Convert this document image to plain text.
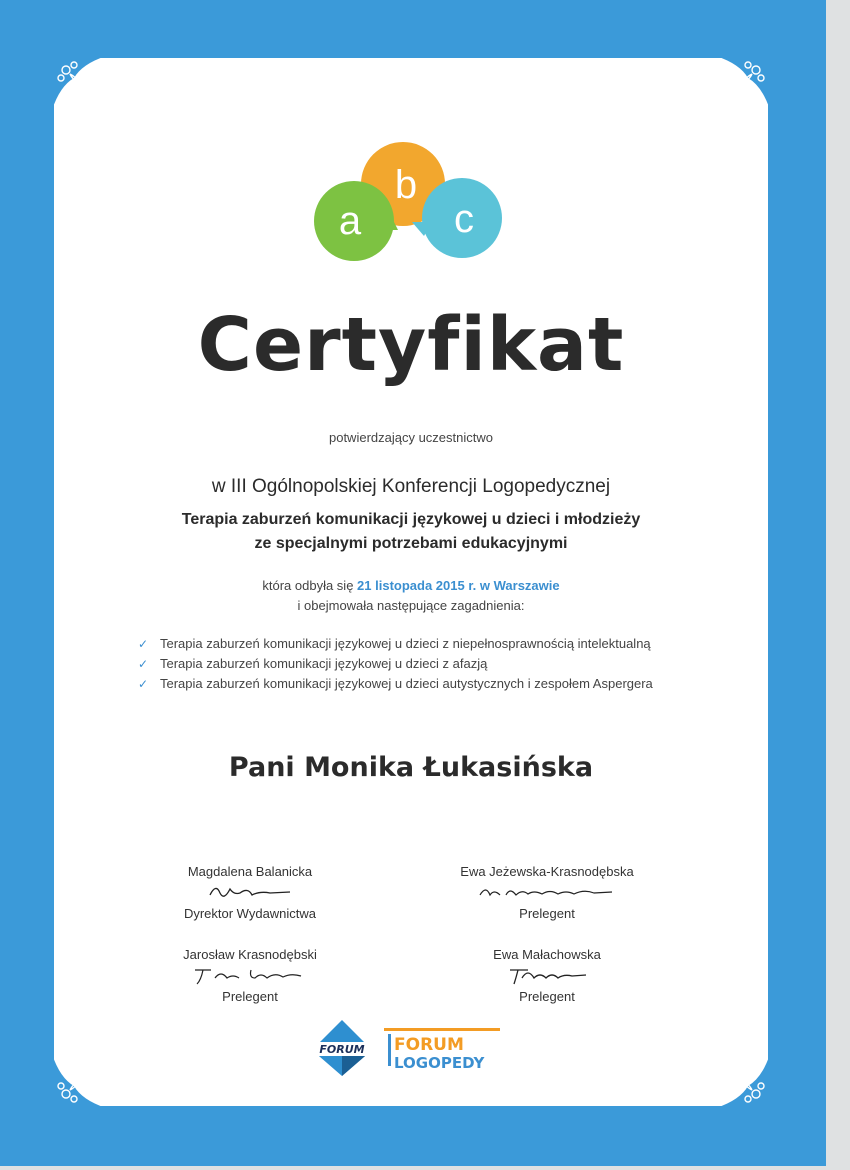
b
a c
Certyfikat
potwierdzający uczestnictwo
w III Ogólnopolskiej Konferencji Logopedycznej
Terapia zaburzeń komunikacji językowej u dzieci i młodzieży
ze specjalnymi potrzebami edukacyjnymi
która odbyła się 21 listopada 2015 r. w Warszawie
i obejmowała następujące zagadnienia:
✓ Terapia zaburzeń komunikacji językowej u dzieci z niepełnosprawnością intelektualną
✓ Terapia zaburzeń komunikacji językowej u dzieci z afazją
✓ Terapia zaburzeń komunikacji językowej u dzieci autystycznych i zespołem Aspergera
Pani Monika Łukasińska
Magdalena Balanicka
Dyrektor Wydawnictwa
Ewa Jeżewska-Krasnodębska
Prelegent
Jarosław Krasnodębski
Prelegent
Ewa Małachowska
Prelegent
FORUM FORUM
LOGOPEDY
